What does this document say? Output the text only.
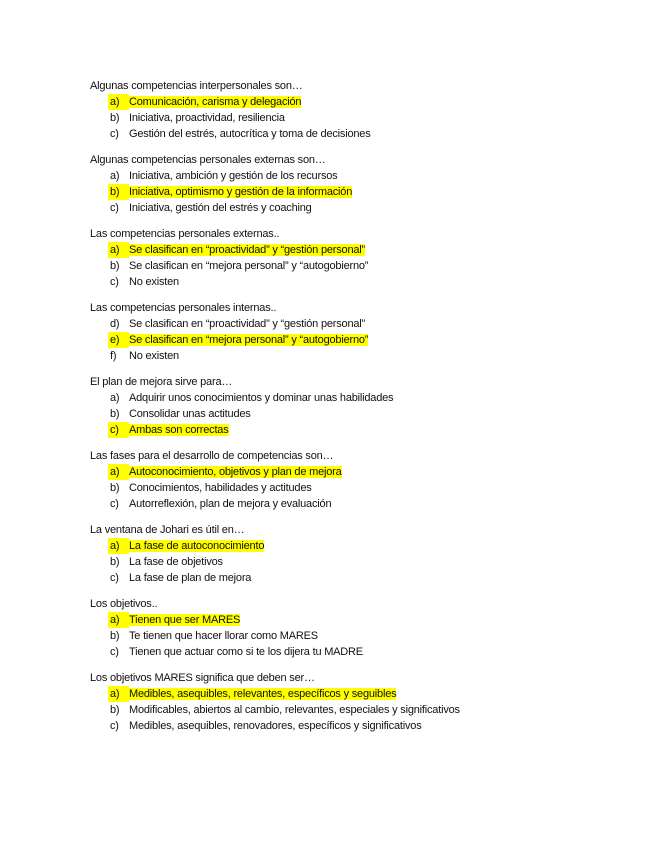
Algunas competencias interpersonales son…
a) Comunicación, carisma y delegación
b) Iniciativa, proactividad, resiliencia
c) Gestión del estrés, autocrítica y toma de decisiones
Algunas competencias personales externas son…
a) Iniciativa, ambición y gestión de los recursos
b) Iniciativa, optimismo y gestión de la información
c) Iniciativa, gestión del estrés y coaching
Las competencias personales externas..
a) Se clasifican en “proactividad” y “gestión personal”
b) Se clasifican en “mejora personal” y “autogobierno”
c) No existen
Las competencias personales internas..
d) Se clasifican en “proactividad” y “gestión personal”
e) Se clasifican en “mejora personal” y “autogobierno”
f) No existen
El plan de mejora sirve para…
a) Adquirir unos conocimientos y dominar unas habilidades
b) Consolidar unas actitudes
c) Ambas son correctas
Las fases para el desarrollo de competencias son…
a) Autoconocimiento, objetivos y plan de mejora
b) Conocimientos, habilidades y actitudes
c) Autorreflexión, plan de mejora y evaluación
La ventana de Johari es útil en…
a) La fase de autoconocimiento
b) La fase de objetivos
c) La fase de plan de mejora
Los objetivos..
a) Tienen que ser MARES
b) Te tienen que hacer llorar como MARES
c) Tienen que actuar como si te los dijera tu MADRE
Los objetivos MARES significa que deben ser…
a) Medibles, asequibles, relevantes, específicos y seguibles
b) Modificables, abiertos al cambio, relevantes, especiales y significativos
c) Medibles, asequibles, renovadores, específicos y significativos
